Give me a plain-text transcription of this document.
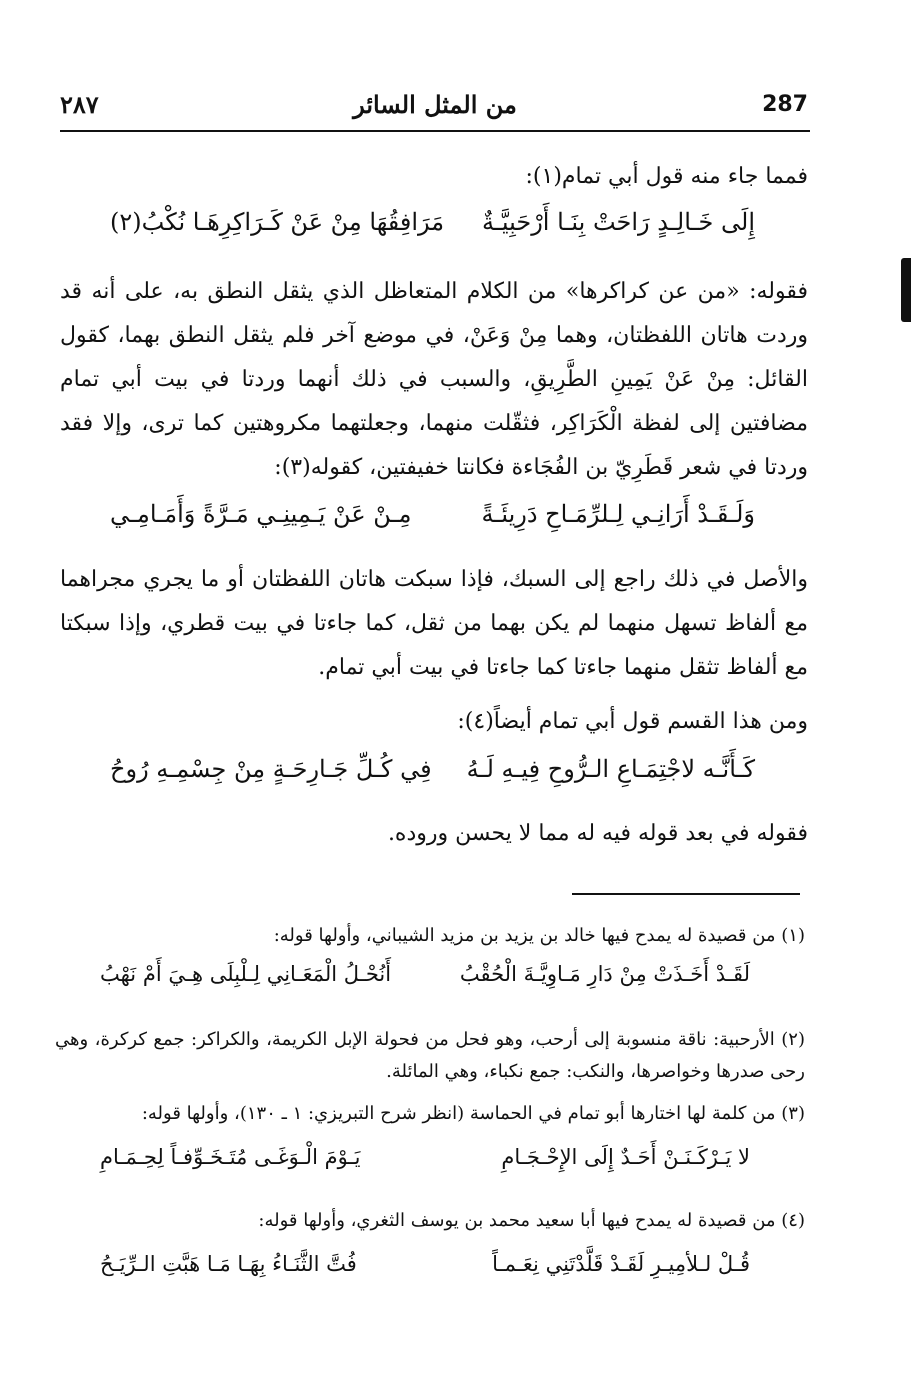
287
من المثل السائر
٢٨٧
فمما جاء منه قول أبي تمام(١):
إِلَى خَـالِـدٍ رَاحَتْ بِنَـا أَرْحَبِيَّـةٌ
مَرَافِقُهَا مِنْ عَنْ كَـرَاكِرِهَـا نُكْبُ(٢)
فقوله: «من عن كراكرها» من الكلام المتعاظل الذي يثقل النطق به، على أنه قد وردت هاتان اللفظتان، وهما مِنْ وَعَنْ، في موضع آخر فلم يثقل النطق بهما، كقول القائل: مِنْ عَنْ يَمِينِ الطَّرِيقِ، والسبب في ذلك أنهما وردتا في بيت أبي تمام مضافتين إلى لفظة الْكَرَاكِر، فثقّلت منهما، وجعلتهما مكروهتين كما ترى، وإلا فقد وردتا في شعر قَطَرِيّ بن الفُجَاءة فكانتا خفيفتين، كقوله(٣):
وَلَـقَـدْ أَرَانِـي لِـلرِّمَـاحِ دَرِيئَـةً
مِـنْ عَنْ يَـمِينِـي مَـرَّةً وَأَمَـامِـي
والأصل في ذلك راجع إلى السبك، فإذا سبكت هاتان اللفظتان أو ما يجري مجراهما مع ألفاظ تسهل منهما لم يكن بهما من ثقل، كما جاءتا في بيت قطري، وإذا سبكتا مع ألفاظ تثقل منهما جاءتا كما جاءتا في بيت أبي تمام.
ومن هذا القسم قول أبي تمام أيضاً(٤):
كَـأَنَّـه لاجْتِمَـاعِ الـرُّوحِ فِيـهِ لَـهُ
فِي كُـلِّ جَـارِحَـةٍ مِنْ جِسْمِـهِ رُوحُ
فقوله في بعد قوله فيه له مما لا يحسن وروده.
(١) من قصيدة له يمدح فيها خالد بن يزيد بن مزيد الشيباني، وأولها قوله:
لَقَـدْ أَخَـذَتْ مِنْ دَارِ مَـاوِيَّـةَ الْحُقْبُ
أَنُحْـلُ الْمَعَـانِي لِـلْبِلَى هِـيَ أَمْ نَهْبُ
(٢) الأرحبية: ناقة منسوبة إلى أرحب، وهو فحل من فحولة الإبل الكريمة، والكراكر: جمع كركرة، وهي رحى صدرها وخواصرها، والنكب: جمع نكباء، وهي المائلة.
(٣) من كلمة لها اختارها أبو تمام في الحماسة (انظر شرح التبريزي: ١ ـ ١٣٠)، وأولها قوله:
لا يَـرْكَـنَـنْ أَحَـدٌ إِلَى الإِحْـجَـامِ
يَـوْمَ الْـوَغَـى مُتَـخَـوِّفـاً لِحِـمَـامِ
(٤) من قصيدة له يمدح فيها أبا سعيد محمد بن يوسف الثغري، وأولها قوله:
قُـلْ لـلأمِيـرِ لَقَـدْ قَلَّدْتَنِي نِعَـمـاً
فُتَّ الثَّنَـاءُ بِهَـا مَـا هَبَّتِ الـرِّيَـحُ
